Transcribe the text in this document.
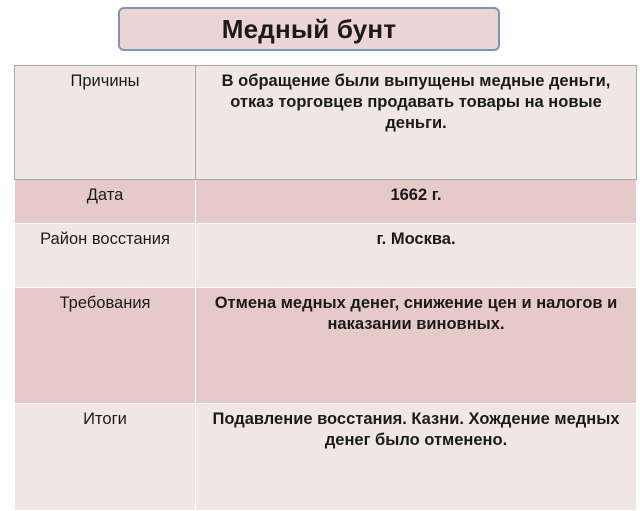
Медный бунт
Причины	В обращение были выпущены медные деньги, отказ торговцев продавать товары на новые деньги.
Дата	1662 г.
Район восстания	г. Москва.
Требования	Отмена медных денег, снижение цен и налогов и наказании виновных.
Итоги	Подавление восстания. Казни. Хождение медных денег было отменено.
